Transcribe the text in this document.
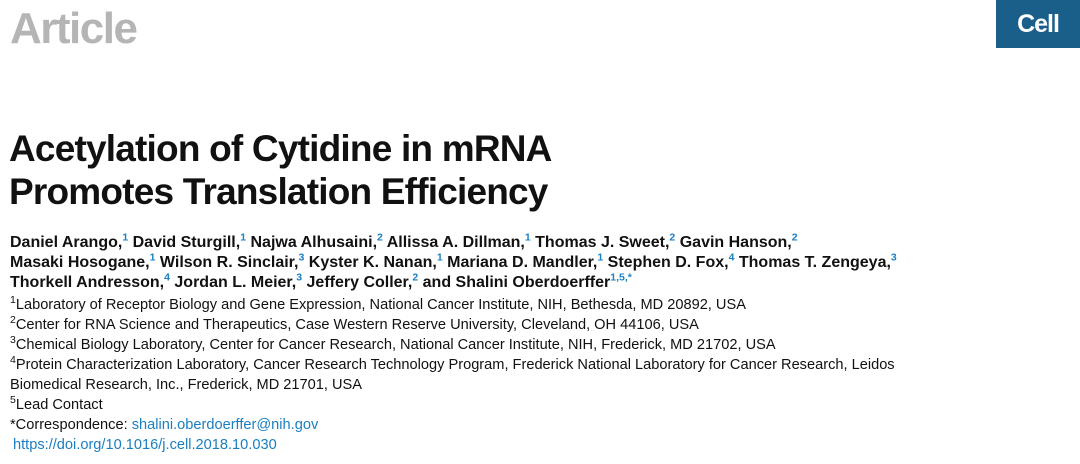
Article	Cell
Acetylation of Cytidine in mRNA
Promotes Translation Efficiency
Daniel Arango,$^1$ David Sturgill,$^1$ Najwa Alhusaini,$^2$ Allissa A. Dillman,$^1$ Thomas J. Sweet,$^2$ Gavin Hanson,$^2$
Masaki Hosogane,$^1$ Wilson R. Sinclair,$^3$ Kyster K. Nanan,$^1$ Mariana D. Mandler,$^1$ Stephen D. Fox,$^4$ Thomas T. Zengeya,$^3$
Thorkell Andresson,$^4$ Jordan L. Meier,$^3$ Jeffery Coller,$^2$ and Shalini Oberdoerffer$^{1,5,*}$
$^1$Laboratory of Receptor Biology and Gene Expression, National Cancer Institute, NIH, Bethesda, MD 20892, USA
$^2$Center for RNA Science and Therapeutics, Case Western Reserve University, Cleveland, OH 44106, USA
$^3$Chemical Biology Laboratory, Center for Cancer Research, National Cancer Institute, NIH, Frederick, MD 21702, USA
$^4$Protein Characterization Laboratory, Cancer Research Technology Program, Frederick National Laboratory for Cancer Research, Leidos
Biomedical Research, Inc., Frederick, MD 21701, USA
$^5$Lead Contact
*Correspondence: shalini.oberdoerffer@nih.gov
https://doi.org/10.1016/j.cell.2018.10.030
